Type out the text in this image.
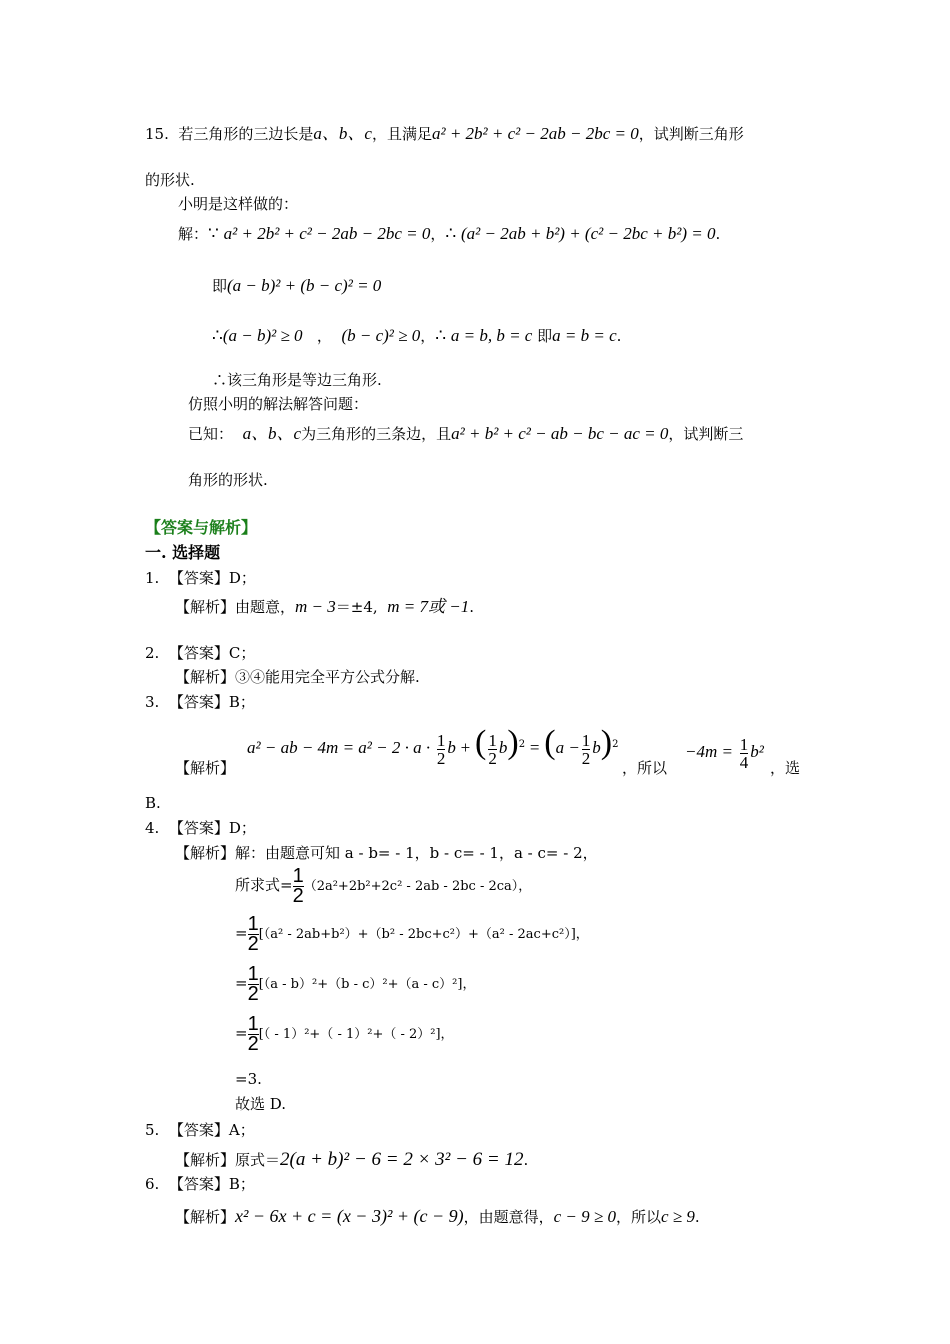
15. 若三角形的三边长是a、b、c，且满足a² + 2b² + c² − 2ab − 2bc = 0，试判断三角形
的形状.
小明是这样做的：
解：∵ a² + 2b² + c² − 2ab − 2bc = 0，∴ (a² − 2ab + b²) + (c² − 2bc + b²) = 0.
即(a − b)² + (b − c)² = 0
∴(a − b)² ≥ 0 ， (b − c)² ≥ 0，∴ a = b, b = c 即a = b = c.
∴该三角形是等边三角形.
仿照小明的解法解答问题：
已知： a、b、c为三角形的三条边，且a² + b² + c² − ab − bc − ac = 0，试判断三
角形的形状.
【答案与解析】
一. 选择题
1. 【答案】D；
【解析】由题意，m − 3＝±4, m = 7或 −1.
2. 【答案】C；
【解析】③④能用完全平方公式分解.
3. 【答案】B；
【解析】
a² − ab − $4m = a^2 - 2 \cdot a \cdot \frac{1}{2}$ b + ( $\frac{1}{2} b)^2 = (a - \frac{1}{2} b)^2$
，所以
$-4m = \frac{1}{4} b^2$
，选
B.
4. 【答案】D；
【解析】解：由题意可知 a - b= - 1，b - c= - 1，a - c= - 2，
所求式= $\frac{1}{2} (2a^2+2b^2+2c^2 - 2ab - 2bc - 2ca)$，
= $\frac{1}{2} [(a^2 - 2ab+b^2)+(b^2 - 2bc+c^2)+(a^2 - 2ac+c^2)]$，
= $\frac{1}{2} [(a - b)^2+(b - c)^2+(a - c)^2]$，
= $\frac{1}{2}$ [（ - 1）²+（ - 1）²+（ - 2）²]，
=3.
故选 D.
5. 【答案】A；
【解析】原式＝2(a + b)² − 6 = 2 × 3² − 6 = 12.
6. 【答案】B；
【解析】x² − 6x + c = (x − 3)² + (c − 9)，由题意得，c − 9 ≥ 0，所以c ≥ 9.
